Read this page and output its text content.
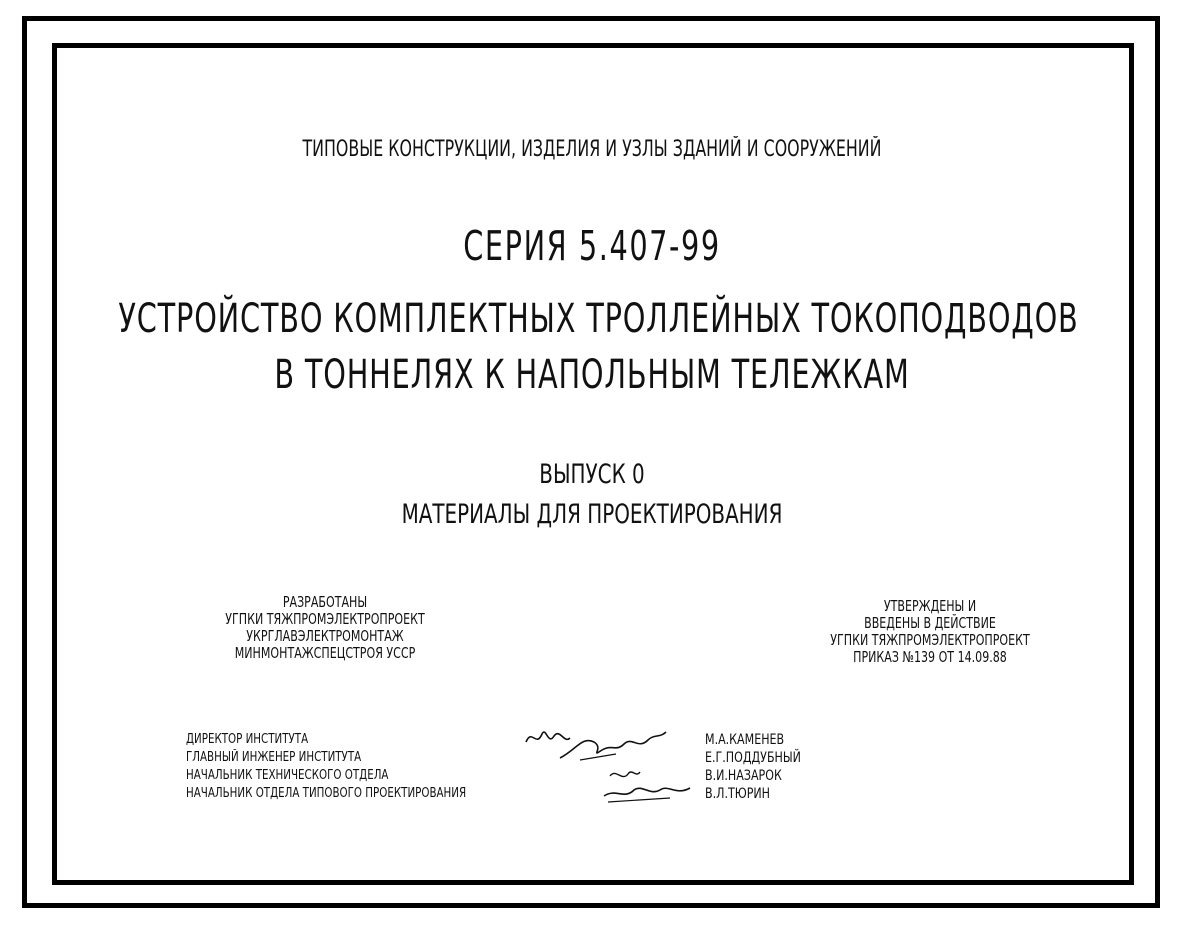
ТИПОВЫЕ КОНСТРУКЦИИ, ИЗДЕЛИЯ И УЗЛЫ ЗДАНИЙ И СООРУЖЕНИЙ
СЕРИЯ 5.407-99
УСТРОЙСТВО КОМПЛЕКТНЫХ ТРОЛЛЕЙНЫХ ТОКОПОДВОДОВ
В ТОННЕЛЯХ К НАПОЛЬНЫМ ТЕЛЕЖКАМ
ВЫПУСК 0
МАТЕРИАЛЫ ДЛЯ ПРОЕКТИРОВАНИЯ
РАЗРАБОТАНЫ
УГПКИ ТЯЖПРОМЭЛЕКТРОПРОЕКТ
УКРГЛАВЭЛЕКТРОМОНТАЖ
МИНМОНТАЖСПЕЦСТРОЯ УССР
УТВЕРЖДЕНЫ И
ВВЕДЕНЫ В ДЕЙСТВИЕ
УГПКИ ТЯЖПРОМЭЛЕКТРОПРОЕКТ
ПРИКАЗ №139 ОТ 14.09.88
ДИРЕКТОР ИНСТИТУТА
ГЛАВНЫЙ ИНЖЕНЕР ИНСТИТУТА
НАЧАЛЬНИК ТЕХНИЧЕСКОГО ОТДЕЛА
НАЧАЛЬНИК ОТДЕЛА ТИПОВОГО ПРОЕКТИРОВАНИЯ
М.А.КАМЕНЕВ
Е.Г.ПОДДУБНЫЙ
В.И.НАЗАРОК
В.Л.ТЮРИН
